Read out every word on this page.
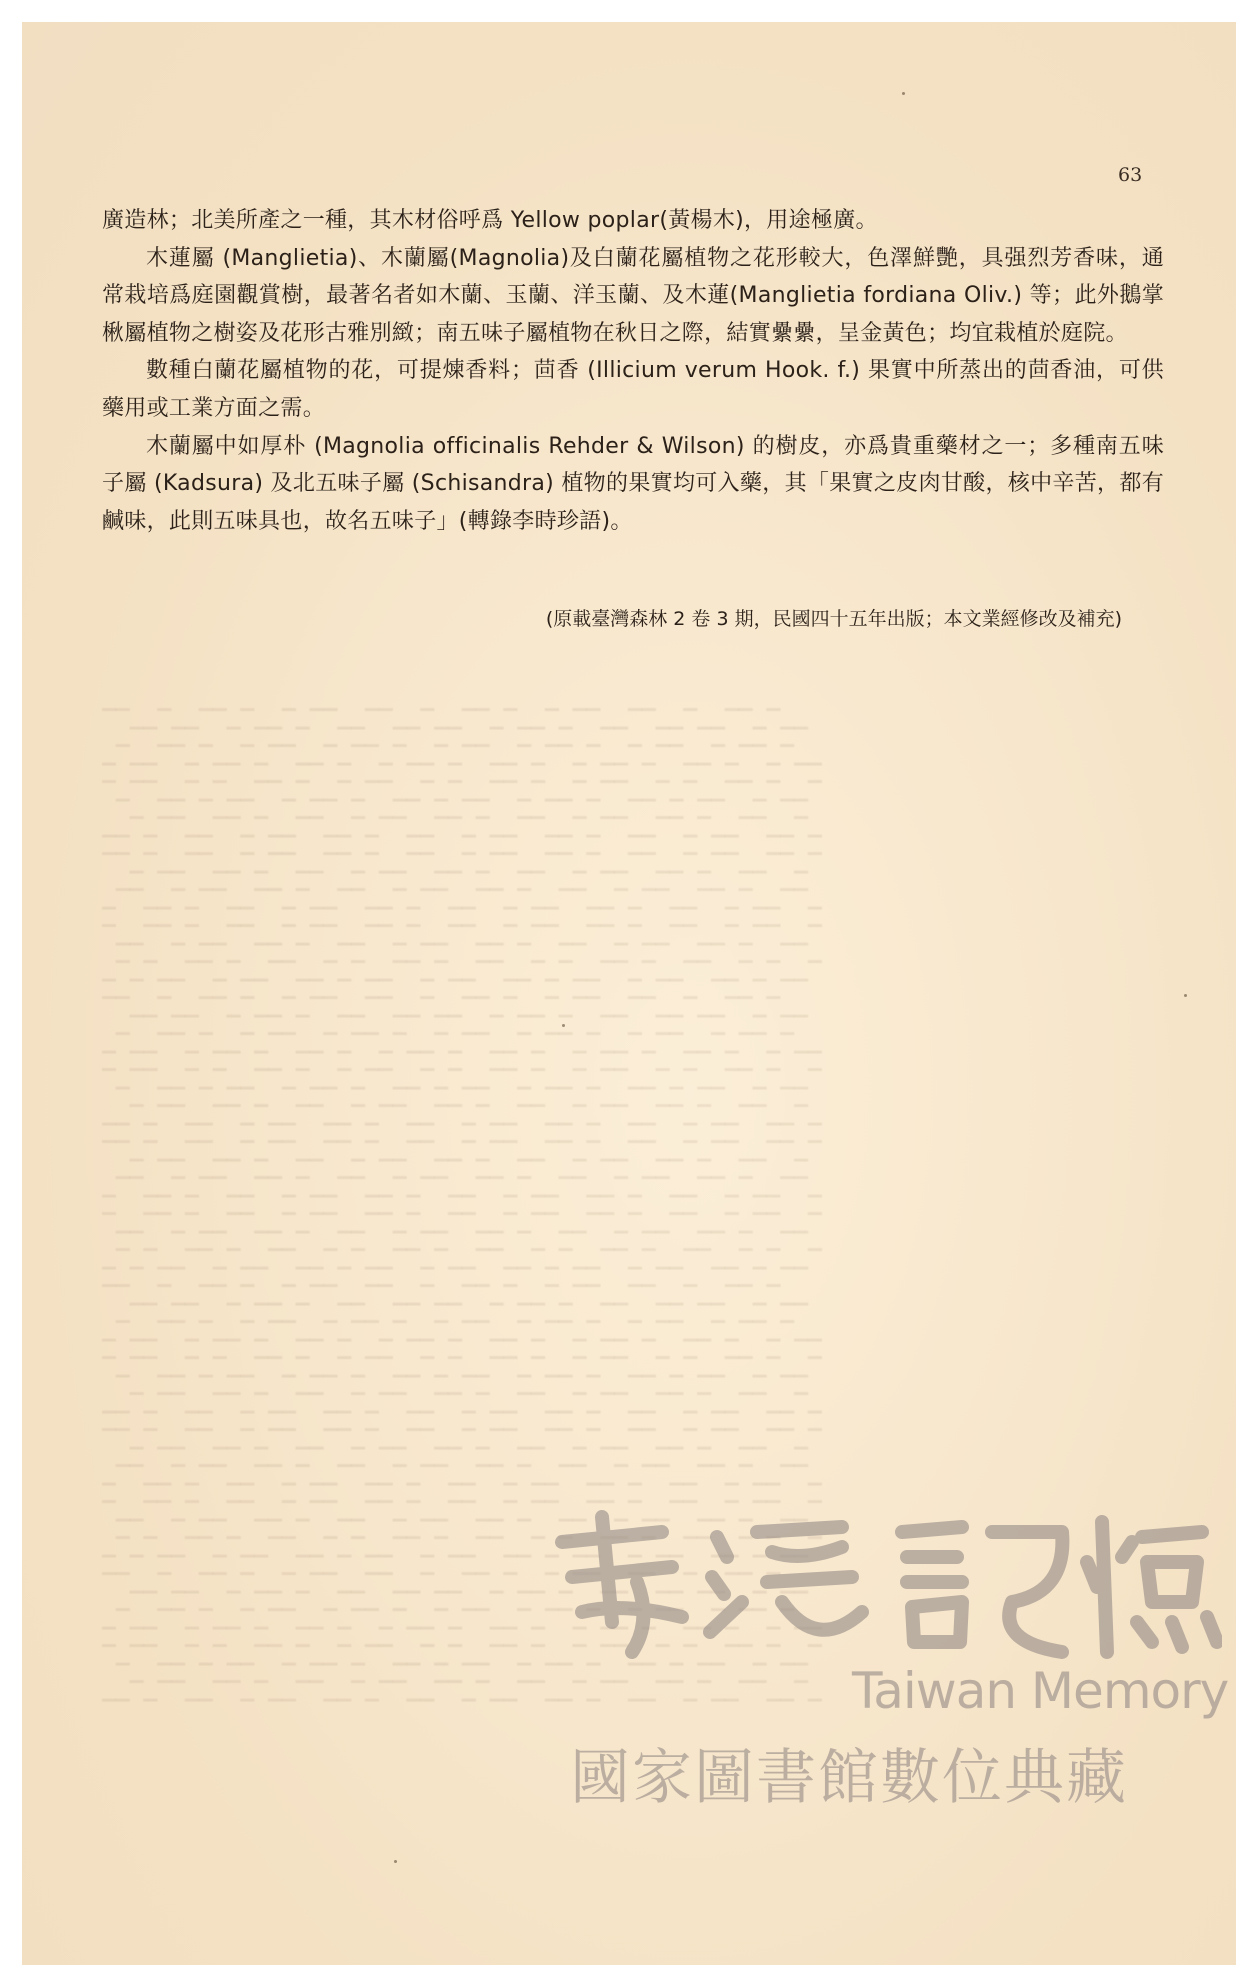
63

廣造林；北美所產之一種，其木材俗呼爲 Yellow poplar(黃楊木)，用途極廣。

木蓮屬 (Manglietia)、木蘭屬(Magnolia)及白蘭花屬植物之花形較大，色澤鮮艷，具强烈芳香味，通常栽培爲庭園觀賞樹，最著名者如木蘭、玉蘭、洋玉蘭、及木蓮(Manglietia fordiana Oliv.) 等；此外鵝掌楸屬植物之樹姿及花形古雅別緻；南五味子屬植物在秋日之際，結實纍纍，呈金黃色；均宜栽植於庭院。

數種白蘭花屬植物的花，可提煉香料；茴香 (Illicium verum Hook. f.) 果實中所蒸出的茴香油，可供藥用或工業方面之需。

木蘭屬中如厚朴 (Magnolia officinalis Rehder & Wilson) 的樹皮，亦爲貴重藥材之一；多種南五味子屬 (Kadsura) 及北五味子屬 (Schisandra) 植物的果實均可入藥，其「果實之皮肉甘酸，核中辛苦，都有鹹味，此則五味具也，故名五味子」(轉錄李時珍語)。

(原載臺灣森林 2 卷 3 期，民國四十五年出版；本文業經修改及補充)
▔▔▁▁▔▁▁▔▔▁▔▁▁▔▁▔▔▁▁▔▔▁▁▔▁▁▔▔▁▔▁▁▔▁▔▔▁▁▔▔▁▁▔▁▁▔▔▁▔▁▁
▁▔▁▁▔▔▁▔▁▁▔▁▔▔▁▁▔▁▔▔▁▔▁▁▔▁▔▔▁▁▔▁▔▔▁▔▁▁▔▁▔▔▁▁▔▁▔▔▁▔▁▁
▔▁▔▔▁▁▔▁▔▁▁▔▔▁▔▁▁▔▁▔▔▁▁▔▁▔▁▁▔▔▁▔▁▁▔▁▔▔▁▁▔▁▔▁▁▔▔▁▔▁▁▔
▁▁▔▁▔▔▁▁▔▔▁▔▁▁▔▔▁▁▔▁▔▔▁▁▔▔▁▔▁▁▔▔▁▁▔▁▔▔▁▁▔▔▁▔▁▁▔▔▁▁▔▁
▔▔▁▔▁▁▔▔▁▁▔▁▔▔▁▁▔▔▁▔▁▁▔▔▁▁▔▁▔▔▁▁▔▔▁▔▁▁▔▔▁▁▔▁▔▔▁▁▔▔▁▔
▁▔▔▁▁▔▁▔▔▁▁▔▔▁▔▁▁▔▔▁▁▔▁▔▔▁▁▔▔▁▔▁▁▔▔▁▁▔▁▔▔▁▁▔▔▁▔▁▁▔▔▁
▔▁▁▔▔▁▔▁▁▔▔▁▁▔▁▔▔▁▁▔▔▁▔▁▁▔▔▁▁▔▁▔▔▁▁▔▔▁▔▁▁▔▔▁▁▔▁▔▔▁▁▔
▁▔▁▔▁▁▔▔▁▔▁▁▔▔▁▁▔▁▔▁▁▔▔▁▔▁▁▔▔▁▁▔▁▔▁▁▔▔▁▔▁▁▔▔▁▁▔▁▔▁▁▔
▔▔▁▁▔▁▁▔▔▁▔▁▁▔▁▔▔▁▁▔▔▁▁▔▁▁▔▔▁▔▁▁▔▁▔▔▁▁▔▔▁▁▔▁▁▔▔▁▔▁▁
▁▔▁▁▔▔▁▔▁▁▔▁▔▔▁▁▔▁▔▔▁▔▁▁▔▁▔▔▁▁▔▁▔▔▁▔▁▁▔▁▔▔▁▁▔▁▔▔▁▔▁▁
▔▁▔▔▁▁▔▁▔▁▁▔▔▁▔▁▁▔▁▔▔▁▁▔▁▔▁▁▔▔▁▔▁▁▔▁▔▔▁▁▔▁▔▁▁▔▔▁▔▁▁▔
▁▁▔▁▔▔▁▁▔▔▁▔▁▁▔▔▁▁▔▁▔▔▁▁▔▔▁▔▁▁▔▔▁▁▔▁▔▔▁▁▔▔▁▔▁▁▔▔▁▁▔▁
▔▔▁▔▁▁▔▔▁▁▔▁▔▔▁▁▔▔▁▔▁▁▔▔▁▁▔▁▔▔▁▁▔▔▁▔▁▁▔▔▁▁▔▁▔▔▁▁▔▔▁▔
▁▔▔▁▁▔▁▔▔▁▁▔▔▁▔▁▁▔▔▁▁▔▁▔▔▁▁▔▔▁▔▁▁▔▔▁▁▔▁▔▔▁▁▔▔▁▔▁▁▔▔▁
▔▁▁▔▔▁▔▁▁▔▔▁▁▔▁▔▔▁▁▔▔▁▔▁▁▔▔▁▁▔▁▔▔▁▁▔▔▁▔▁▁▔▔▁▁▔▁▔▔▁▁▔
▁▔▁▔▁▁▔▔▁▔▁▁▔▔▁▁▔▁▔▁▁▔▔▁▔▁▁▔▔▁▁▔▁▔▁▁▔▔▁▔▁▁▔▔▁▁▔▁▔▁▁▔
▔▔▁▁▔▁▁▔▔▁▔▁▁▔▁▔▔▁▁▔▔▁▁▔▁▁▔▔▁▔▁▁▔▁▔▔▁▁▔▔▁▁▔▁▁▔▔▁▔▁▁
▁▔▁▁▔▔▁▔▁▁▔▁▔▔▁▁▔▁▔▔▁▔▁▁▔▁▔▔▁▁▔▁▔▔▁▔▁▁▔▁▔▔▁▁▔▁▔▔▁▔▁▁
▔▁▔▔▁▁▔▁▔▁▁▔▔▁▔▁▁▔▁▔▔▁▁▔▁▔▁▁▔▔▁▔▁▁▔▁▔▔▁▁▔▁▔▁▁▔▔▁▔▁▁▔
▁▁▔▁▔▔▁▁▔▔▁▔▁▁▔▔▁▁▔▁▔▔▁▁▔▔▁▔▁▁▔▔▁▁▔▁▔▔▁▁▔▔▁▔▁▁▔▔▁▁▔▁
▔▔▁▔▁▁▔▔▁▁▔▁▔▔▁▁▔▔▁▔▁▁▔▔▁▁▔▁▔▔▁▁▔▔▁▔▁▁▔▔▁▁▔▁▔▔▁▁▔▔▁▔
▁▔▔▁▁▔▁▔▔▁▁▔▔▁▔▁▁▔▔▁▁▔▁▔▔▁▁▔▔▁▔▁▁▔▔▁▁▔▁▔▔▁▁▔▔▁▔▁▁▔▔▁
▔▁▁▔▔▁▔▁▁▔▔▁▁▔▁▔▔▁▁▔▔▁▔▁▁▔▔▁▁▔▁▔▔▁▁▔▔▁▔▁▁▔▔▁▁▔▁▔▔▁▁▔
▁▔▁▔▁▁▔▔▁▔▁▁▔▔▁▁▔▁▔▁▁▔▔▁▔▁▁▔▔▁▁▔▁▔▁▁▔▔▁▔▁▁▔▔▁▁▔▁▔▁▁▔
▔▔▁▁▔▁▁▔▔▁▔▁▁▔▁▔▔▁▁▔▔▁▁▔▁▁▔▔▁▔▁▁▔▁▔▔▁▁▔▔▁▁▔▁▁▔▔▁▔▁▁
▁▔▁▁▔▔▁▔▁▁▔▁▔▔▁▁▔▁▔▔▁▔▁▁▔▁▔▔▁▁▔▁▔▔▁▔▁▁▔▁▔▔▁▁▔▁▔▔▁▔▁▁
▔▁▔▔▁▁▔▁▔▁▁▔▔▁▔▁▁▔▁▔▔▁▁▔▁▔▁▁▔▔▁▔▁▁▔▁▔▔▁▁▔▁▔▁▁▔▔▁▔▁▁▔
▁▁▔▁▔▔▁▁▔▔▁▔▁▁▔▔▁▁▔▁▔▔▁▁▔▔▁▔▁▁▔▔▁▁▔▁▔▔▁▁▔▔▁▔▁▁▔▔▁▁▔▁ Taiwan Memory
國家圖書館數位典藏
